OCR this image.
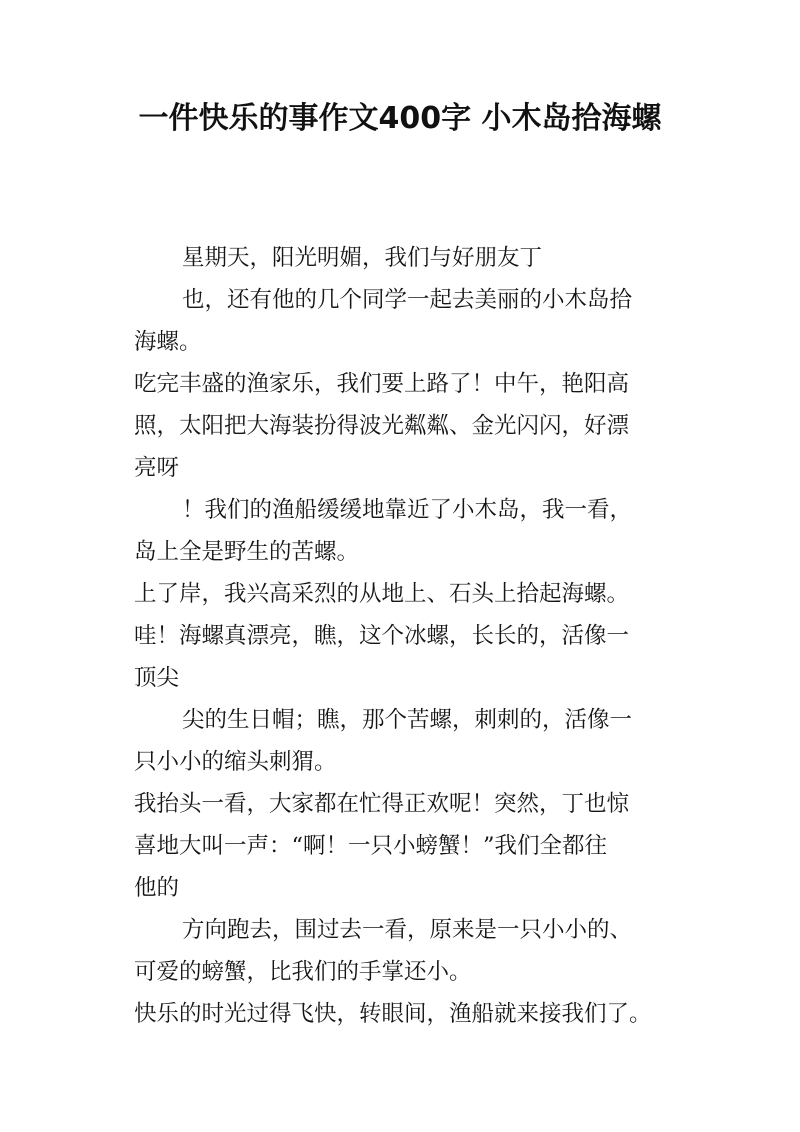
一件快乐的事作文400字 小木岛拾海螺
星期天，阳光明媚，我们与好朋友丁
也，还有他的几个同学一起去美丽的小木岛拾
海螺。
吃完丰盛的渔家乐，我们要上路了！中午，艳阳高
照，太阳把大海装扮得波光粼粼、金光闪闪，好漂
亮呀
！我们的渔船缓缓地靠近了小木岛，我一看，
岛上全是野生的苦螺。
上了岸，我兴高采烈的从地上、石头上拾起海螺。
哇！海螺真漂亮，瞧，这个冰螺，长长的，活像一
顶尖
尖的生日帽；瞧，那个苦螺，刺刺的，活像一
只小小的缩头刺猬。
我抬头一看，大家都在忙得正欢呢！突然，丁也惊
喜地大叫一声：“啊！一只小螃蟹！”我们全都往
他的
方向跑去，围过去一看，原来是一只小小的、
可爱的螃蟹，比我们的手掌还小。
快乐的时光过得飞快，转眼间，渔船就来接我们了。
